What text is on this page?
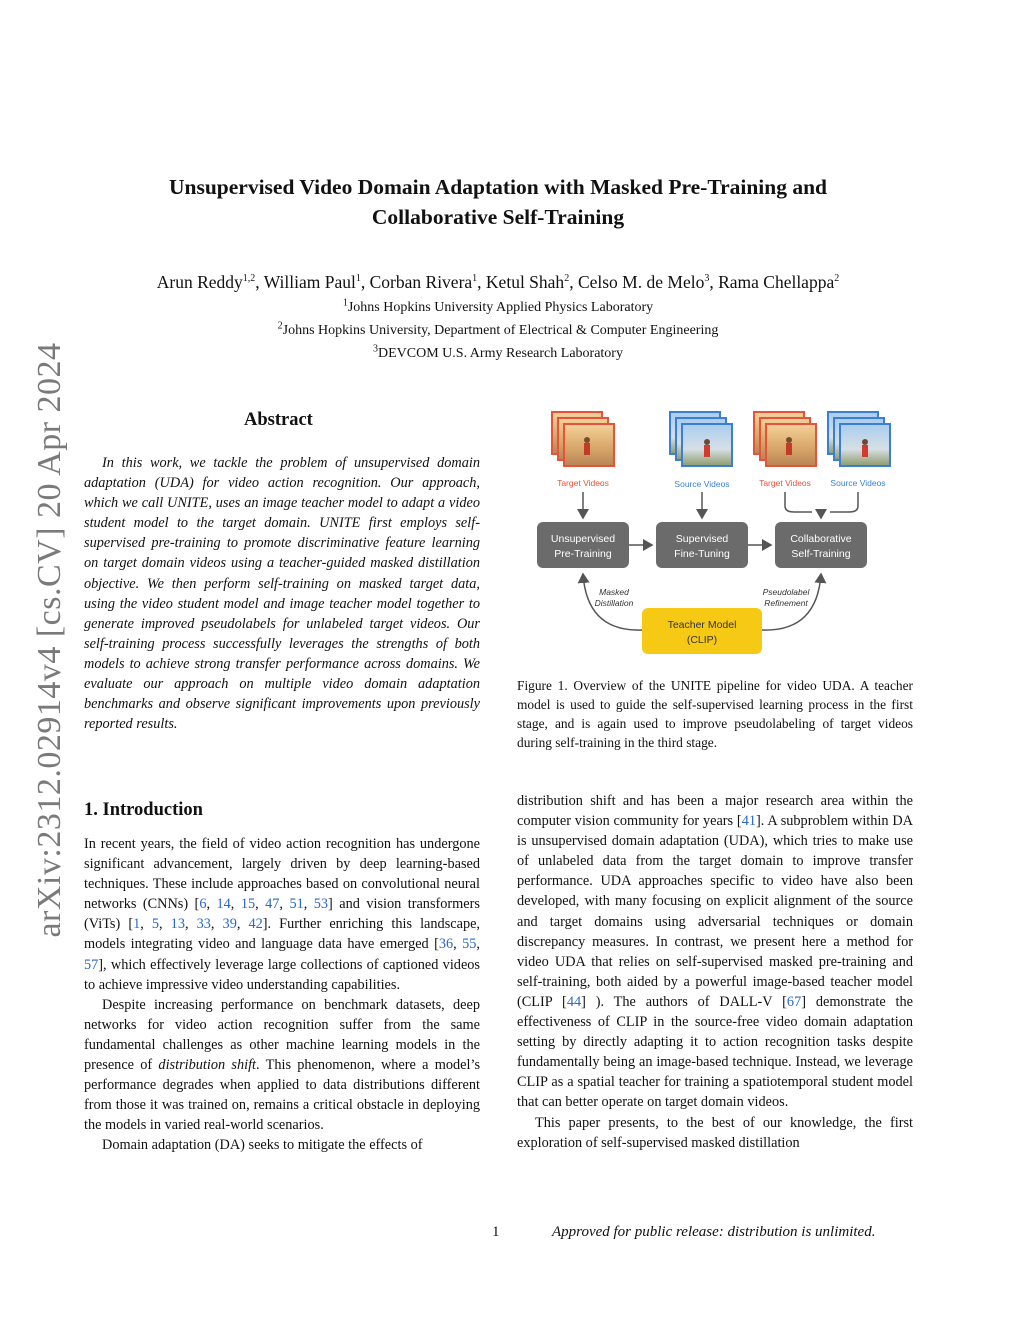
arXiv:2312.02914v4 [cs.CV] 20 Apr 2024
Unsupervised Video Domain Adaptation with Masked Pre-Training and
Collaborative Self-Training
Arun Reddy$^{1,2}$, William Paul$^1$, Corban Rivera$^1$, Ketul Shah$^2$, Celso M. de Melo$^3$, Rama Chellappa$^2$
$^1$Johns Hopkins University Applied Physics Laboratory
$^2$Johns Hopkins University, Department of Electrical & Computer Engineering
$^3$DEVCOM U.S. Army Research Laboratory
Abstract

In this work, we tackle the problem of unsupervised domain adaptation (UDA) for video action recognition. Our approach, which we call UNITE, uses an image teacher model to adapt a video student model to the target domain. UNITE first employs self-supervised pre-training to promote discriminative feature learning on target domain videos using a teacher-guided masked distillation objective. We then perform self-training on masked target data, using the video student model and image teacher model together to generate improved pseudolabels for unlabeled target videos. Our self-training process successfully leverages the strengths of both models to achieve strong transfer performance across domains. We evaluate our approach on multiple video domain adaptation benchmarks and observe significant improvements upon previously reported results.

Target Videos	Source Videos	Target Videos Source Videos
Unsupervised
Pre-Training
Supervised
Fine-Tuning
Collaborative
Self-Training
Teacher Model
(CLIP)
Masked
Distillation
Pseudolabel
Refinement
Figure 1. Overview of the UNITE pipeline for video UDA. A teacher model is used to guide the self-supervised learning process in the first stage, and is again used to improve pseudolabeling of target videos during self-training in the third stage.
1. Introduction

In recent years, the field of video action recognition has undergone significant advancement, largely driven by deep learning-based techniques. These include approaches based on convolutional neural networks (CNNs) [6, 14, 15, 47, 51, 53] and vision transformers (ViTs) [1, 5, 13, 33, 39, 42]. Further enriching this landscape, models integrating video and language data have emerged [36, 55, 57], which effectively leverage large collections of captioned videos to achieve impressive video understanding capabilities.

Despite increasing performance on benchmark datasets, deep networks for video action recognition suffer from the same fundamental challenges as other machine learning models in the presence of distribution shift. This phenomenon, where a model’s performance degrades when applied to data distributions different from those it was trained on, remains a critical obstacle in deploying the models in varied real-world scenarios.

Domain adaptation (DA) seeks to mitigate the effects of

distribution shift and has been a major research area within the computer vision community for years [41]. A subproblem within DA is unsupervised domain adaptation (UDA), which tries to make use of unlabeled data from the target domain to improve transfer performance. UDA approaches specific to video have also been developed, with many focusing on explicit alignment of the source and target domains using adversarial techniques or domain discrepancy measures. In contrast, we present here a method for video UDA that relies on self-supervised masked pre-training and self-training, both aided by a powerful image-based teacher model (CLIP [44] ). The authors of DALL-V [67] demonstrate the effectiveness of CLIP in the source-free video domain adaptation setting by directly adapting it to action recognition tasks despite fundamentally being an image-based technique. Instead, we leverage CLIP as a spatial teacher for training a spatiotemporal student model that can better operate on target domain videos.

This paper presents, to the best of our knowledge, the first exploration of self-supervised masked distillation

1	Approved for public release: distribution is unlimited.
